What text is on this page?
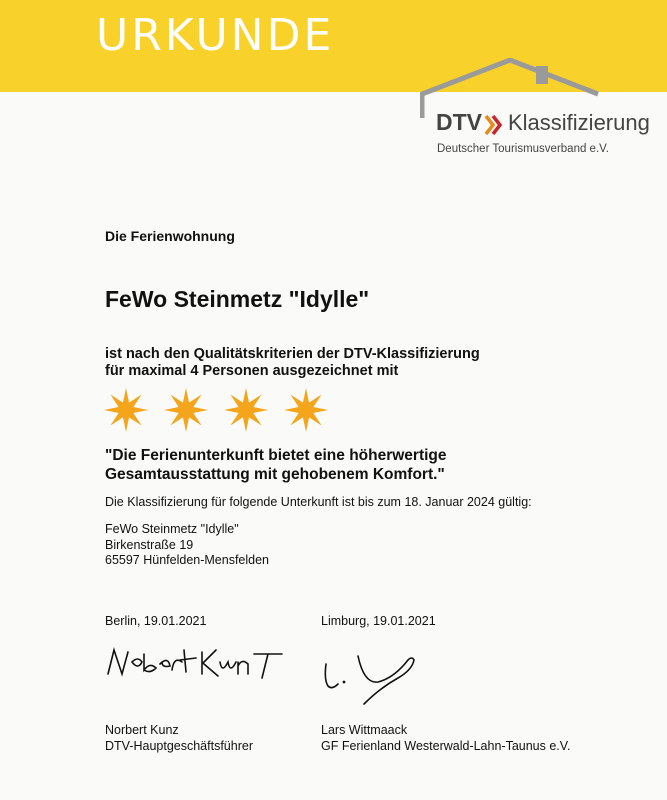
URKUNDE
DTV Klassifizierung
Deutscher Tourismusverband e.V.
Die Ferienwohnung
FeWo Steinmetz "Idylle"
ist nach den Qualitätskriterien der DTV-Klassifizierung
für maximal 4 Personen ausgezeichnet mit
"Die Ferienunterkunft bietet eine höherwertige
Gesamtausstattung mit gehobenem Komfort."
Die Klassifizierung für folgende Unterkunft ist bis zum 18. Januar 2024 gültig:
FeWo Steinmetz "Idylle"
Birkenstraße 19
65597 Hünfelden-Mensfelden
Berlin, 19.01.2021	Limburg, 19.01.2021
Norbert Kunz
DTV-Hauptgeschäftsführer
Lars Wittmaack
GF Ferienland Westerwald-Lahn-Taunus e.V.
